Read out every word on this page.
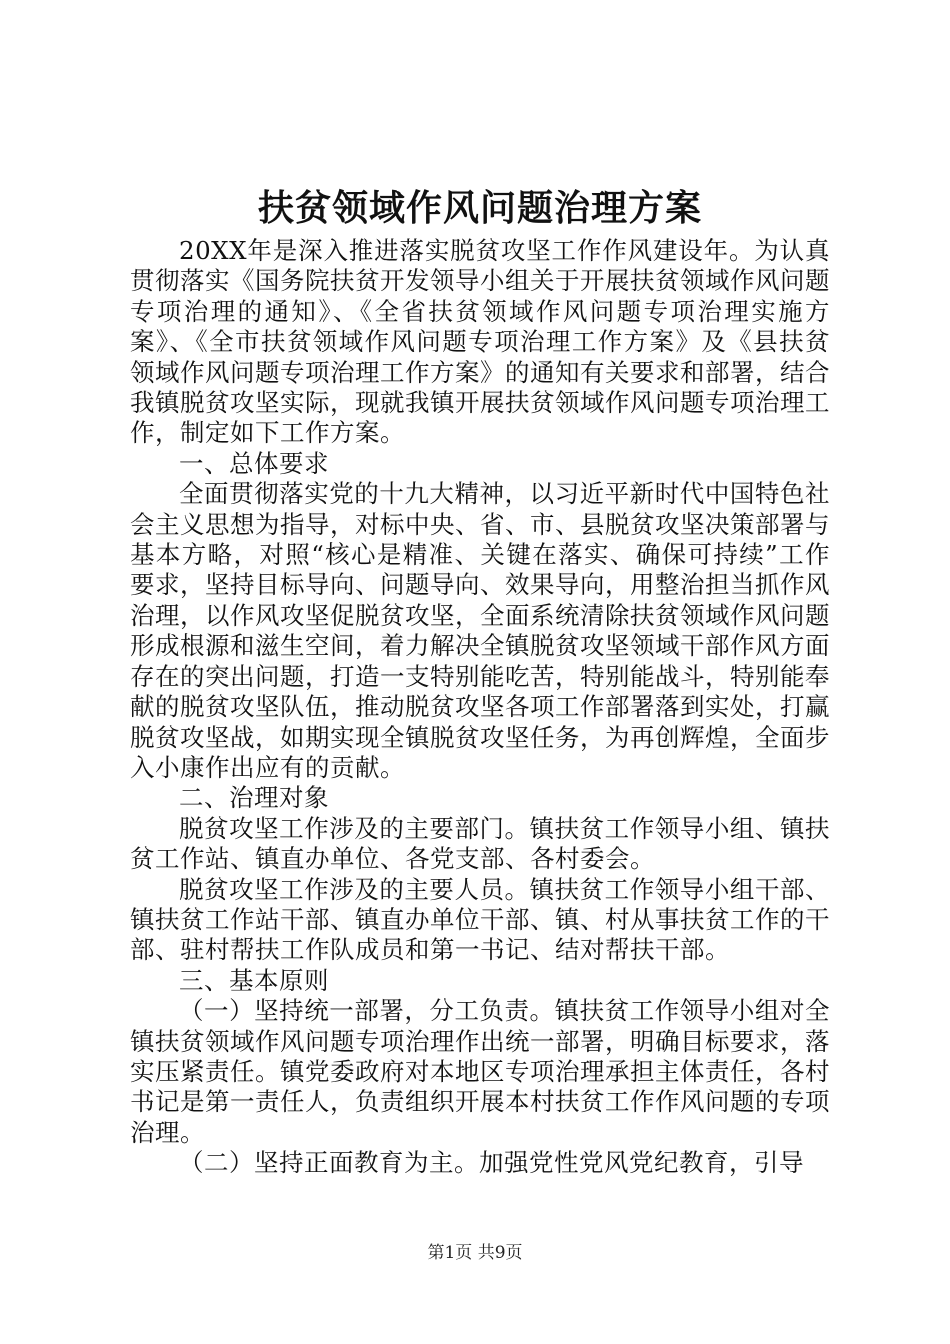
扶贫领域作风问题治理方案

20XX年是深入推进落实脱贫攻坚工作作风建设年。为认真贯彻落实《国务院扶贫开发领导小组关于开展扶贫领域作风问题专项治理的通知》、《全省扶贫领域作风问题专项治理实施方案》、《全市扶贫领域作风问题专项治理工作方案》及《县扶贫领域作风问题专项治理工作方案》的通知有关要求和部署，结合我镇脱贫攻坚实际，现就我镇开展扶贫领域作风问题专项治理工作，制定如下工作方案。

一、总体要求

全面贯彻落实党的十九大精神，以习近平新时代中国特色社会主义思想为指导，对标中央、省、市、县脱贫攻坚决策部署与基本方略，对照“核心是精准、关键在落实、确保可持续”工作要求，坚持目标导向、问题导向、效果导向，用整治担当抓作风治理，以作风攻坚促脱贫攻坚，全面系统清除扶贫领域作风问题形成根源和滋生空间，着力解决全镇脱贫攻坚领域干部作风方面存在的突出问题，打造一支特别能吃苦，特别能战斗，特别能奉献的脱贫攻坚队伍，推动脱贫攻坚各项工作部署落到实处，打赢脱贫攻坚战，如期实现全镇脱贫攻坚任务，为再创辉煌，全面步入小康作出应有的贡献。

二、治理对象

脱贫攻坚工作涉及的主要部门。镇扶贫工作领导小组、镇扶贫工作站、镇直办单位、各党支部、各村委会。

脱贫攻坚工作涉及的主要人员。镇扶贫工作领导小组干部、镇扶贫工作站干部、镇直办单位干部、镇、村从事扶贫工作的干部、驻村帮扶工作队成员和第一书记、结对帮扶干部。

三、基本原则

（一）坚持统一部署，分工负责。镇扶贫工作领导小组对全镇扶贫领域作风问题专项治理作出统一部署，明确目标要求，落实压紧责任。镇党委政府对本地区专项治理承担主体责任，各村书记是第一责任人，负责组织开展本村扶贫工作作风问题的专项治理。

（二）坚持正面教育为主。加强党性党风党纪教育，引导

第1页 共9页
